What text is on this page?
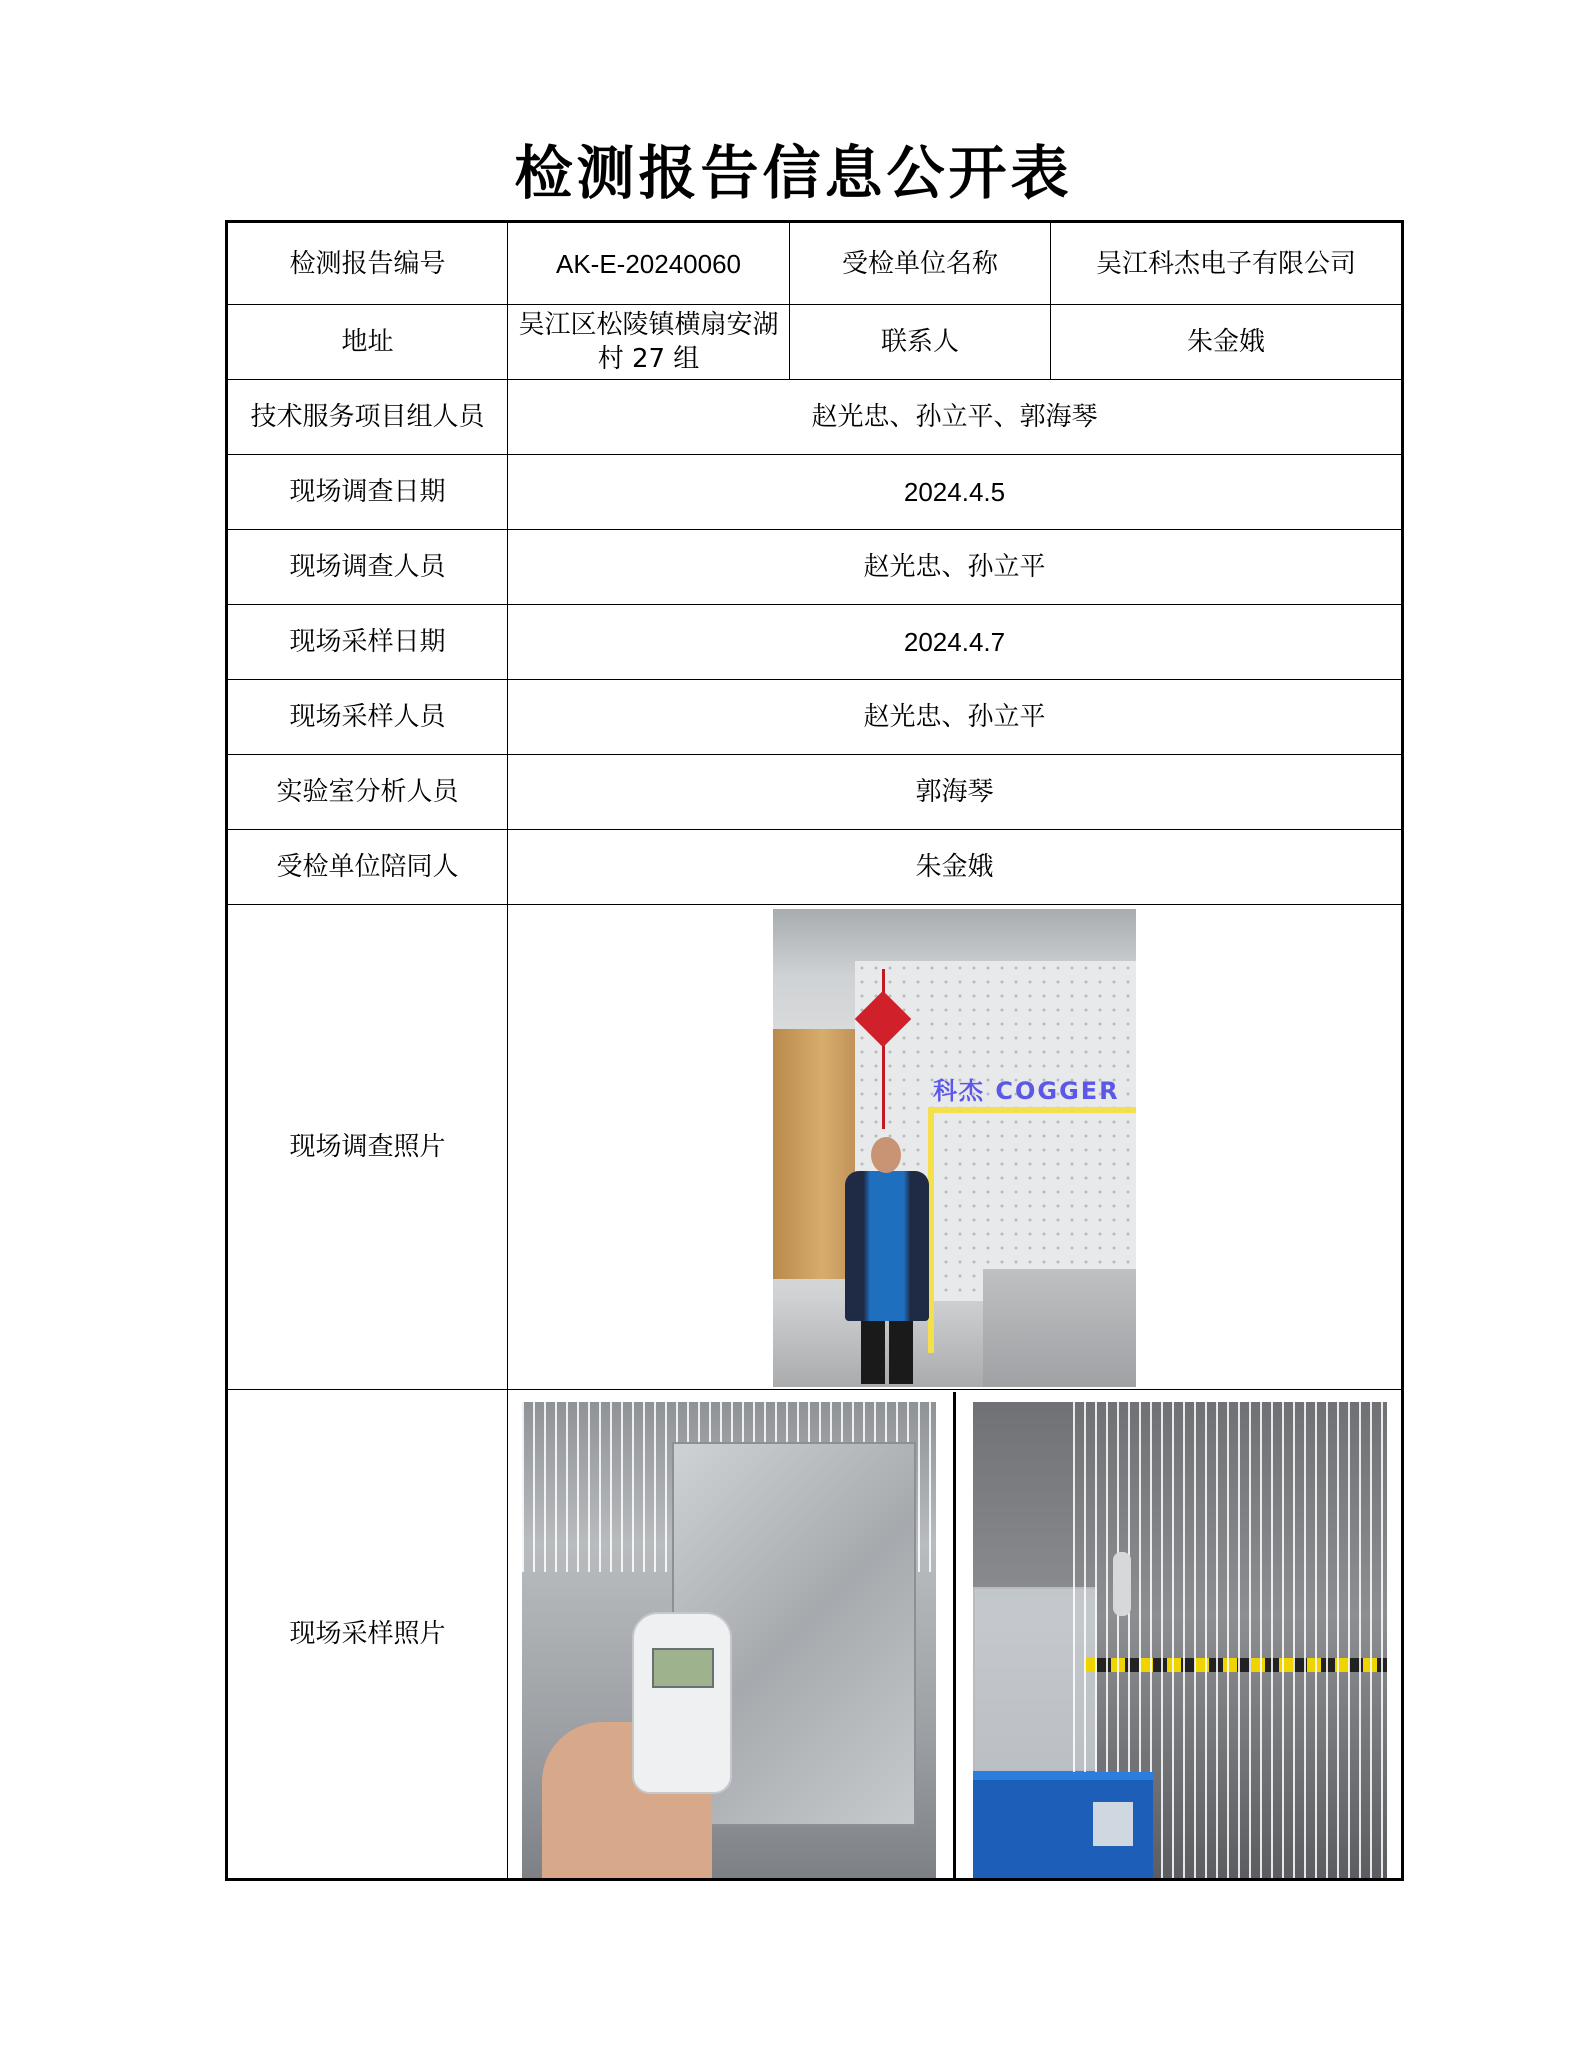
检测报告信息公开表
检测报告编号	AK-E-20240060	受检单位名称	吴江科杰电子有限公司
地址	吴江区松陵镇横扇安湖村 27 组	联系人	朱金娥
技术服务项目组人员	赵光忠、孙立平、郭海琴		
现场调查日期	2024.4.5		
现场调查人员	赵光忠、孙立平		
现场采样日期	2024.4.7		
现场采样人员	赵光忠、孙立平		
实验室分析人员	郭海琴		
受检单位陪同人	朱金娥		
现场调查照片	科杰 COGGER		

现场采样照片			
